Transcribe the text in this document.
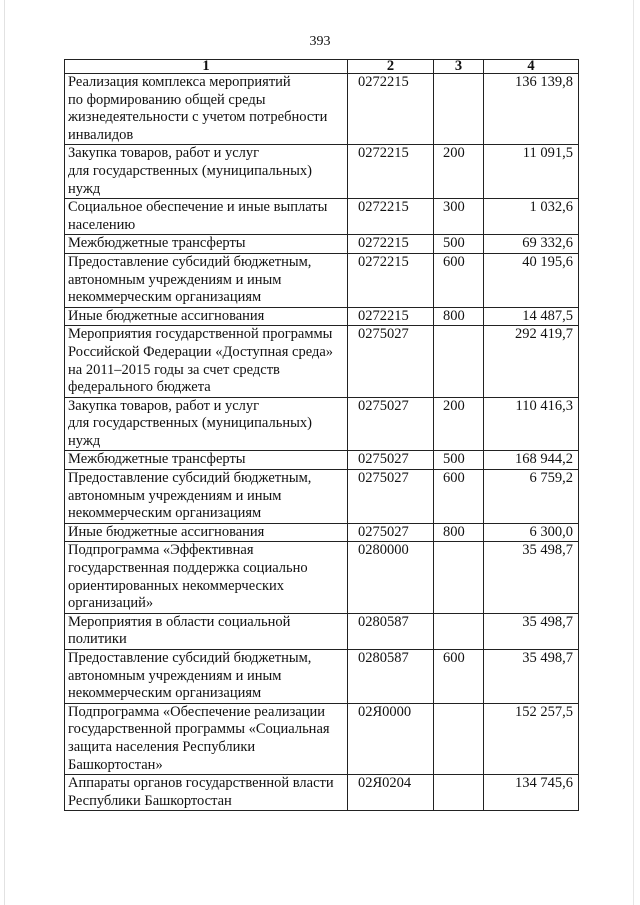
393
1	2	3	4
Реализация комплекса мероприятий
по формированию общей среды
жизнедеятельности с учетом потребности
инвалидов	0272215		136 139,8
Закупка товаров, работ и услуг
для государственных (муниципальных)
нужд	0272215	200	11 091,5
Социальное обеспечение и иные выплаты
населению	0272215	300	1 032,6
Межбюджетные трансферты	0272215	500	69 332,6
Предоставление субсидий бюджетным,
автономным учреждениям и иным
некоммерческим организациям	0272215	600	40 195,6
Иные бюджетные ассигнования	0272215	800	14 487,5
Мероприятия государственной программы
Российской Федерации «Доступная среда»
на 2011–2015 годы за счет средств
федерального бюджета	0275027		292 419,7
Закупка товаров, работ и услуг
для государственных (муниципальных)
нужд	0275027	200	110 416,3
Межбюджетные трансферты	0275027	500	168 944,2
Предоставление субсидий бюджетным,
автономным учреждениям и иным
некоммерческим организациям	0275027	600	6 759,2
Иные бюджетные ассигнования	0275027	800	6 300,0
Подпрограмма «Эффективная
государственная поддержка социально
ориентированных некоммерческих
организаций»	0280000		35 498,7
Мероприятия в области социальной
политики	0280587		35 498,7
Предоставление субсидий бюджетным,
автономным учреждениям и иным
некоммерческим организациям	0280587	600	35 498,7
Подпрограмма «Обеспечение реализации
государственной программы «Социальная
защита населения Республики
Башкортостан»	02Я0000		152 257,5
Аппараты органов государственной власти
Республики Башкортостан	02Я0204		134 745,6
